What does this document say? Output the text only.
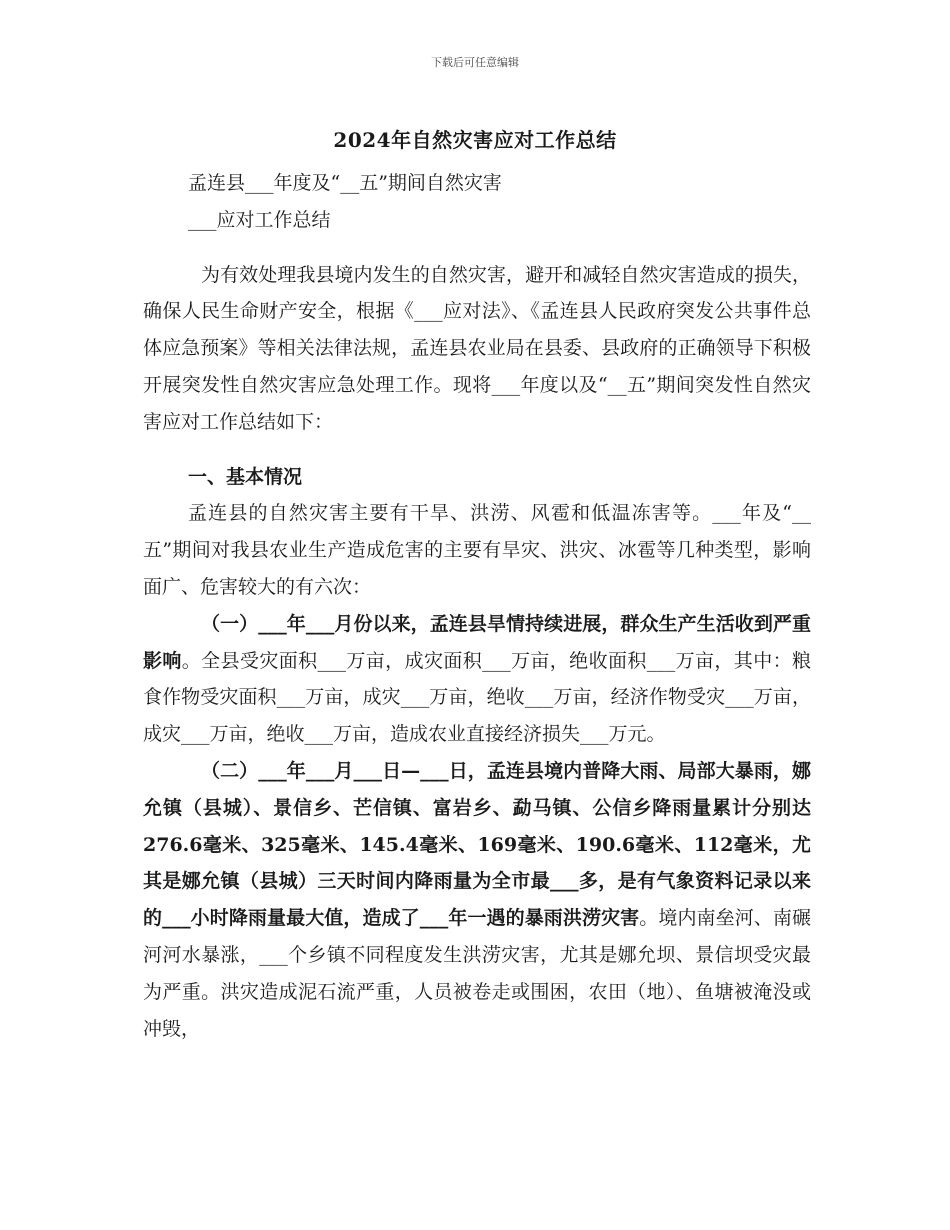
下载后可任意编辑
2024年自然灾害应对工作总结

孟连县___年度及“__五”期间自然灾害

___应对工作总结

为有效处理我县境内发生的自然灾害，避开和减轻自然灾害造成的损失，确保人民生命财产安全，根据《___应对法》、《孟连县人民政府突发公共事件总体应急预案》等相关法律法规，孟连县农业局在县委、县政府的正确领导下积极开展突发性自然灾害应急处理工作。现将___年度以及“__五”期间突发性自然灾害应对工作总结如下：

一、基本情况

孟连县的自然灾害主要有干旱、洪涝、风雹和低温冻害等。___年及“__五”期间对我县农业生产造成危害的主要有旱灾、洪灾、冰雹等几种类型，影响面广、危害较大的有六次：

（一）___年___月份以来，孟连县旱情持续进展，群众生产生活收到严重影响。全县受灾面积___万亩，成灾面积___万亩，绝收面积___万亩，其中：粮食作物受灾面积___万亩，成灾___万亩，绝收___万亩，经济作物受灾___万亩，成灾___万亩，绝收___万亩，造成农业直接经济损失___万元。

（二）___年___月___日—___日，孟连县境内普降大雨、局部大暴雨，娜允镇（县城）、景信乡、芒信镇、富岩乡、勐马镇、公信乡降雨量累计分别达276.6毫米、325毫米、145.4毫米、169毫米、190.6毫米、112毫米，尤其是娜允镇（县城）三天时间内降雨量为全市最___多，是有气象资料记录以来的___小时降雨量最大值，造成了___年一遇的暴雨洪涝灾害。境内南垒河、南碾河河水暴涨，___个乡镇不同程度发生洪涝灾害，尤其是娜允坝、景信坝受灾最为严重。洪灾造成泥石流严重，人员被卷走或围困，农田（地）、鱼塘被淹没或冲毁，
